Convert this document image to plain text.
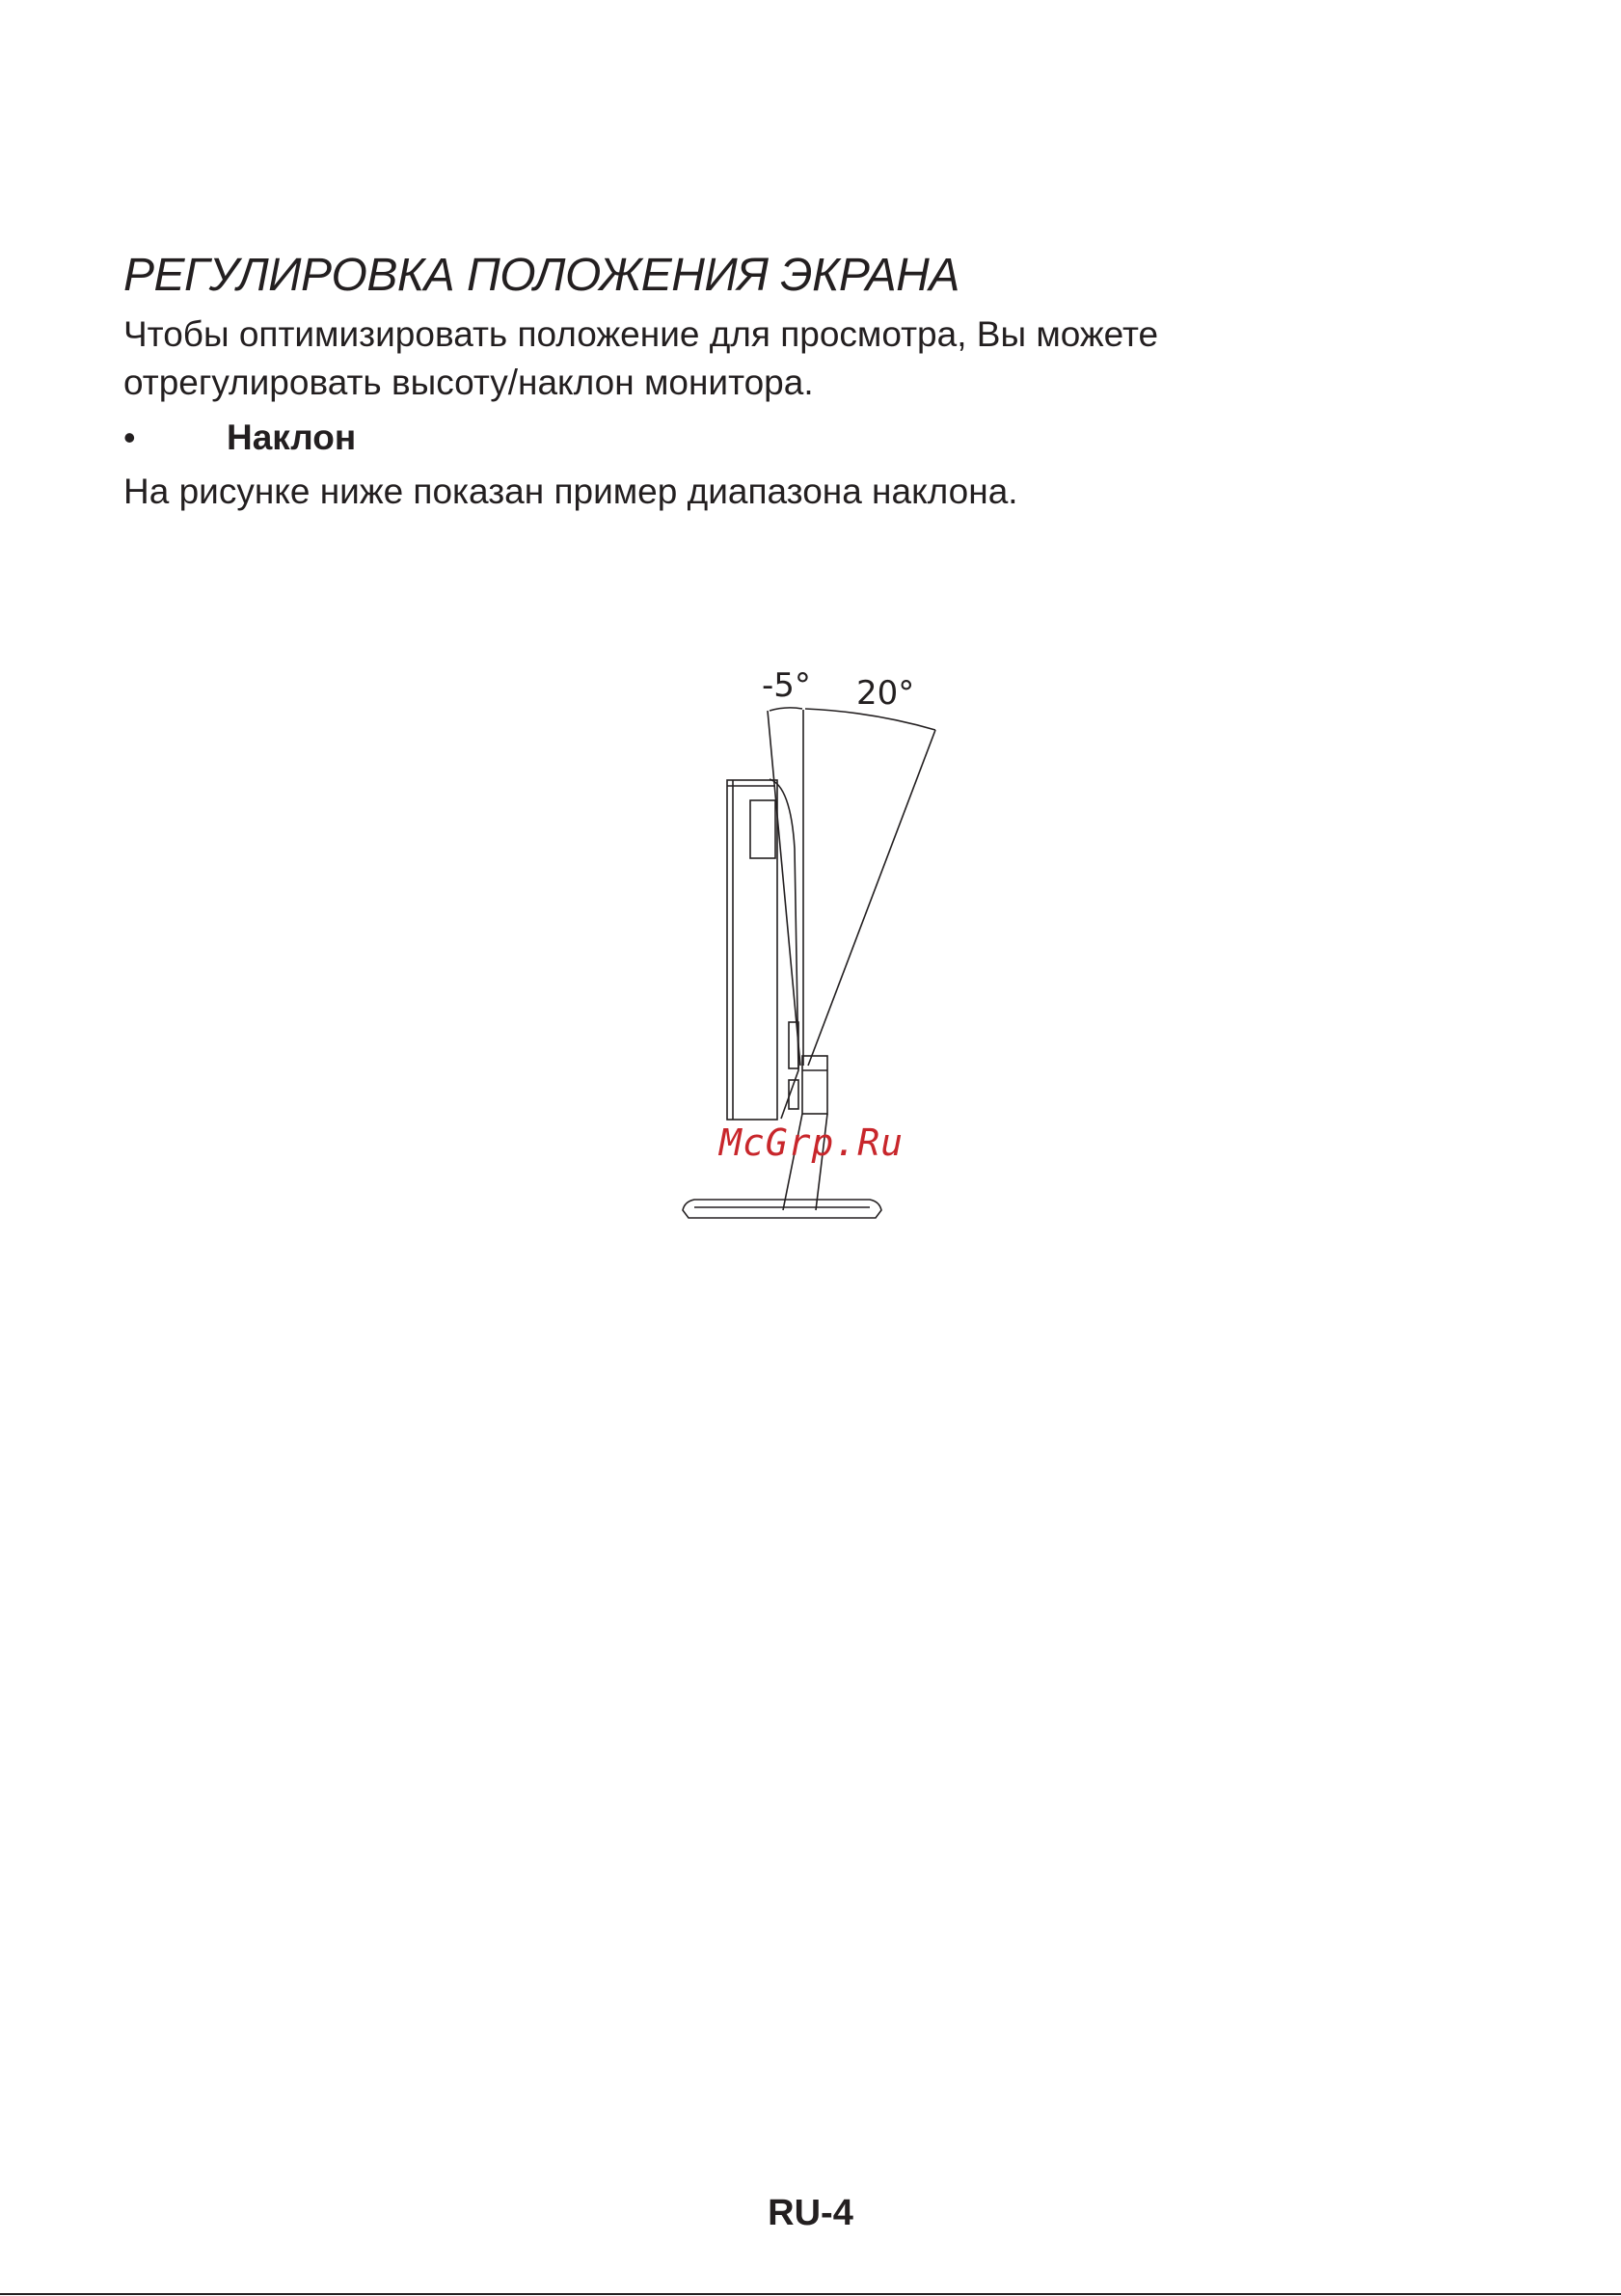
РЕГУЛИРОВКА ПОЛОЖЕНИЯ ЭКРАНА
Чтобы оптимизировать положение для просмотра, Вы можете
отрегулировать высоту/наклон монитора.
•	Наклон

На рисунке ниже показан пример диапазона наклона.

-5° 20°
McGrp.Ru
RU-4
